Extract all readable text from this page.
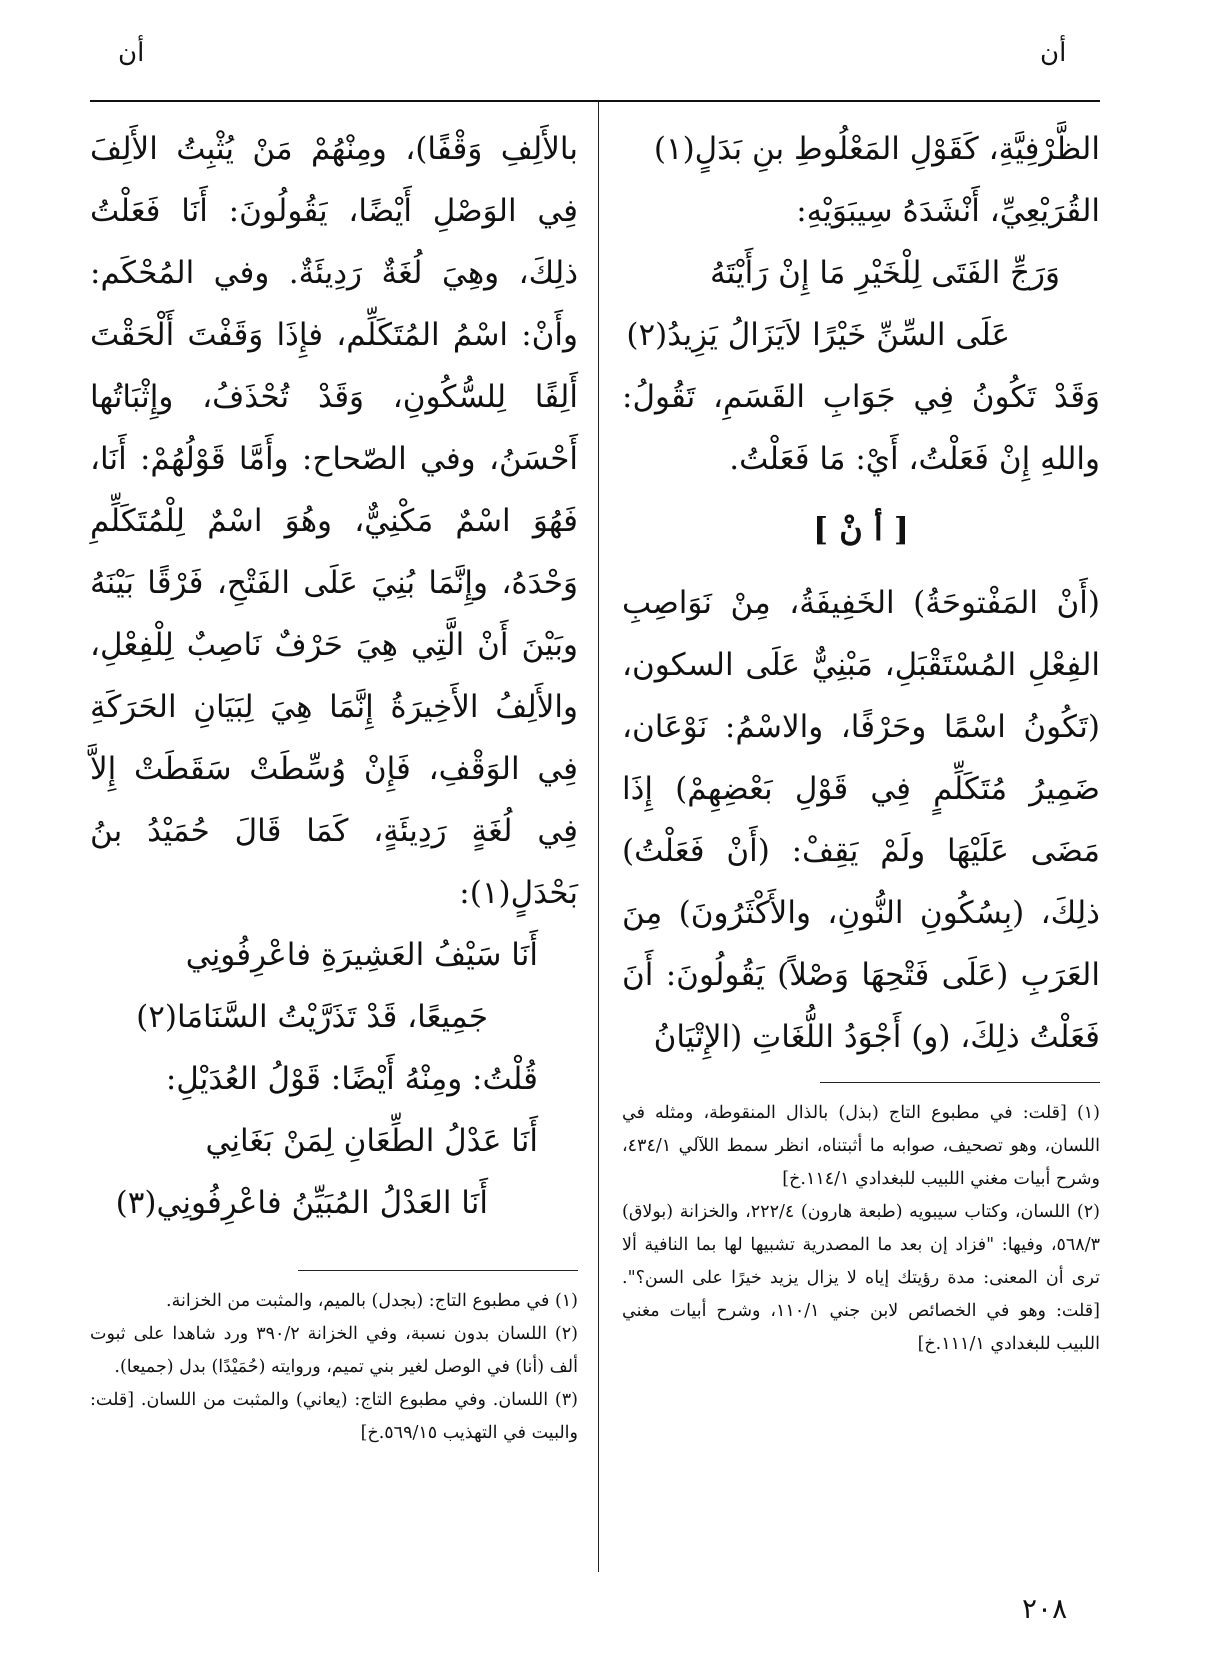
أن	أن

الظَّرْفِيَّةِ، كَقَوْلِ المَعْلُوطِ بنِ بَدَلٍ(١)

القُرَيْعِيِّ، أَنْشَدَهُ سِيبَوَيْهِ:

وَرَجِّ الفَتَى لِلْخَيْرِ مَا إِنْ رَأَيْتَهُ

عَلَى السِّنِّ خَيْرًا لاَيَزَالُ يَزِيدُ(٢)

وَقَدْ تَكُونُ فِي جَوَابِ القَسَمِ، تَقُولُ: واللهِ إِنْ فَعَلْتُ، أَيْ: مَا فَعَلْتُ.

[ أ نْ ]

(أَنْ المَفْتوحَةُ) الخَفِيفَةُ، مِنْ نَوَاصِبِ الفِعْلِ المُسْتَقْبَلِ، مَبْنِيٌّ عَلَى السكون، (تَكُونُ اسْمًا وحَرْفًا، والاسْمُ: نَوْعَان، ضَمِيرُ مُتَكَلِّمٍ فِي قَوْلِ بَعْضِهِمْ) إِذَا مَضَى عَلَيْهَا ولَمْ يَقِفْ: (أَنْ فَعَلْتُ) ذلِكَ، (بِسُكُونِ النُّونِ، والأَكْثَرُونَ) مِنَ العَرَبِ (عَلَى فَتْحِهَا وَصْلاً) يَقُولُونَ: أَنَ فَعَلْتُ ذلِكَ، (و) أَجْوَدُ اللُّغَاتِ (الإِتْيَانُ

(١) [قلت: في مطبوع التاج (بذل) بالذال المنقوطة، ومثله في اللسان، وهو تصحيف، صوابه ما أثبتناه، انظر سمط اللآلي ٤٣٤/١، وشرح أبيات مغني اللبيب للبغدادي ١١٤/١.خ]

(٢) اللسان، وكتاب سيبويه (طبعة هارون) ٢٢٢/٤، والخزانة (بولاق) ٥٦٨/٣، وفيها: "فزاد إن بعد ما المصدرية تشبيها لها بما النافية ألا ترى أن المعنى: مدة رؤيتك إياه لا يزال يزيد خيرًا على السن؟". [قلت: وهو في الخصائص لابن جني ١١٠/١، وشرح أبيات مغني اللبيب للبغدادي ١١١/١.خ]

بالأَلِفِ وَقْفًا)، ومِنْهُمْ مَنْ يُثْبِتُ الأَلِفَ فِي الوَصْلِ أَيْضًا، يَقُولُونَ: أَنَا فَعَلْتُ ذلِكَ، وهِيَ لُغَةٌ رَدِيئَةٌ. وفي المُحْكَم: وأَنْ: اسْمُ المُتَكَلِّم، فإِذَا وَقَفْتَ أَلْحَقْتَ أَلِفًا لِلسُّكُونِ، وَقَدْ تُحْذَفُ، وإِثْبَاتُها أَحْسَنُ، وفي الصّحاح: وأَمَّا قَوْلُهُمْ: أَنَا، فَهُوَ اسْمٌ مَكْنِيٌّ، وهُوَ اسْمٌ لِلْمُتَكَلِّمِ وَحْدَهُ، وإِنَّمَا بُنِيَ عَلَى الفَتْحِ، فَرْقًا بَيْنَهُ وبَيْنَ أَنْ الَّتِي هِيَ حَرْفٌ نَاصِبٌ لِلْفِعْلِ، والأَلِفُ الأَخِيرَةُ إِنَّمَا هِيَ لِبَيَانِ الحَرَكَةِ فِي الوَقْفِ، فَإِنْ وُسِّطَتْ سَقَطَتْ إِلاَّ فِي لُغَةٍ رَدِيئَةٍ، كَمَا قَالَ حُمَيْدُ بنُ بَحْدَلٍ(١):

أَنَا سَيْفُ العَشِيرَةِ فاعْرِفُونِي

جَمِيعًا، قَدْ تَذَرَّيْتُ السَّنَامَا(٢)

قُلْتُ: ومِنْهُ أَيْضًا: قَوْلُ العُدَيْلِ:

أَنَا عَدْلُ الطِّعَانِ لِمَنْ بَغَانِي

أَنَا العَدْلُ المُبَيِّنُ فاعْرِفُونِي(٣)

(١) في مطبوع التاج: (بجدل) بالميم، والمثبت من الخزانة.

(٢) اللسان بدون نسبة، وفي الخزانة ٣٩٠/٢ ورد شاهدا على ثبوت ألف (أنا) في الوصل لغير بني تميم، وروايته (حُمَيْدًا) بدل (جميعا).

(٣) اللسان. وفي مطبوع التاج: (يعاني) والمثبت من اللسان. [قلت: والبيت في التهذيب ٥٦٩/١٥.خ]

٢٠٨
